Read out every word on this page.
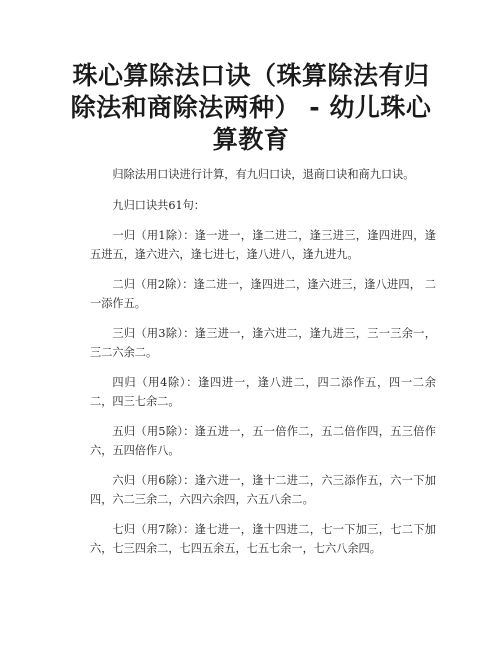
珠心算除法口诀（珠算除法有归除法和商除法两种） - 幼儿珠心算教育

归除法用口诀进行计算，有九归口诀，退商口诀和商九口诀。

九归口诀共61句：

一归（用1除）：逢一进一，逢二进二，逢三进三，逢四进四，逢五进五，逢六进六，逢七进七，逢八进八，逢九进九。

二归（用2除）：逢二进一，逢四进二，逢六进三，逢八进四， 二一添作五。

三归（用3除）：逢三进一，逢六进二，逢九进三，三一三余一，三二六余二。

四归（用4除）：逢四进一，逢八进二，四二添作五，四一二余二，四三七余二。

五归（用5除）：逢五进一，五一倍作二，五二倍作四，五三倍作六，五四倍作八。

六归（用6除）：逢六进一，逢十二进二，六三添作五，六一下加四，六二三余二，六四六余四，六五八余二。

七归（用7除）：逢七进一，逢十四进二，七一下加三，七二下加六，七三四余二，七四五余五，七五七余一，七六八余四。
